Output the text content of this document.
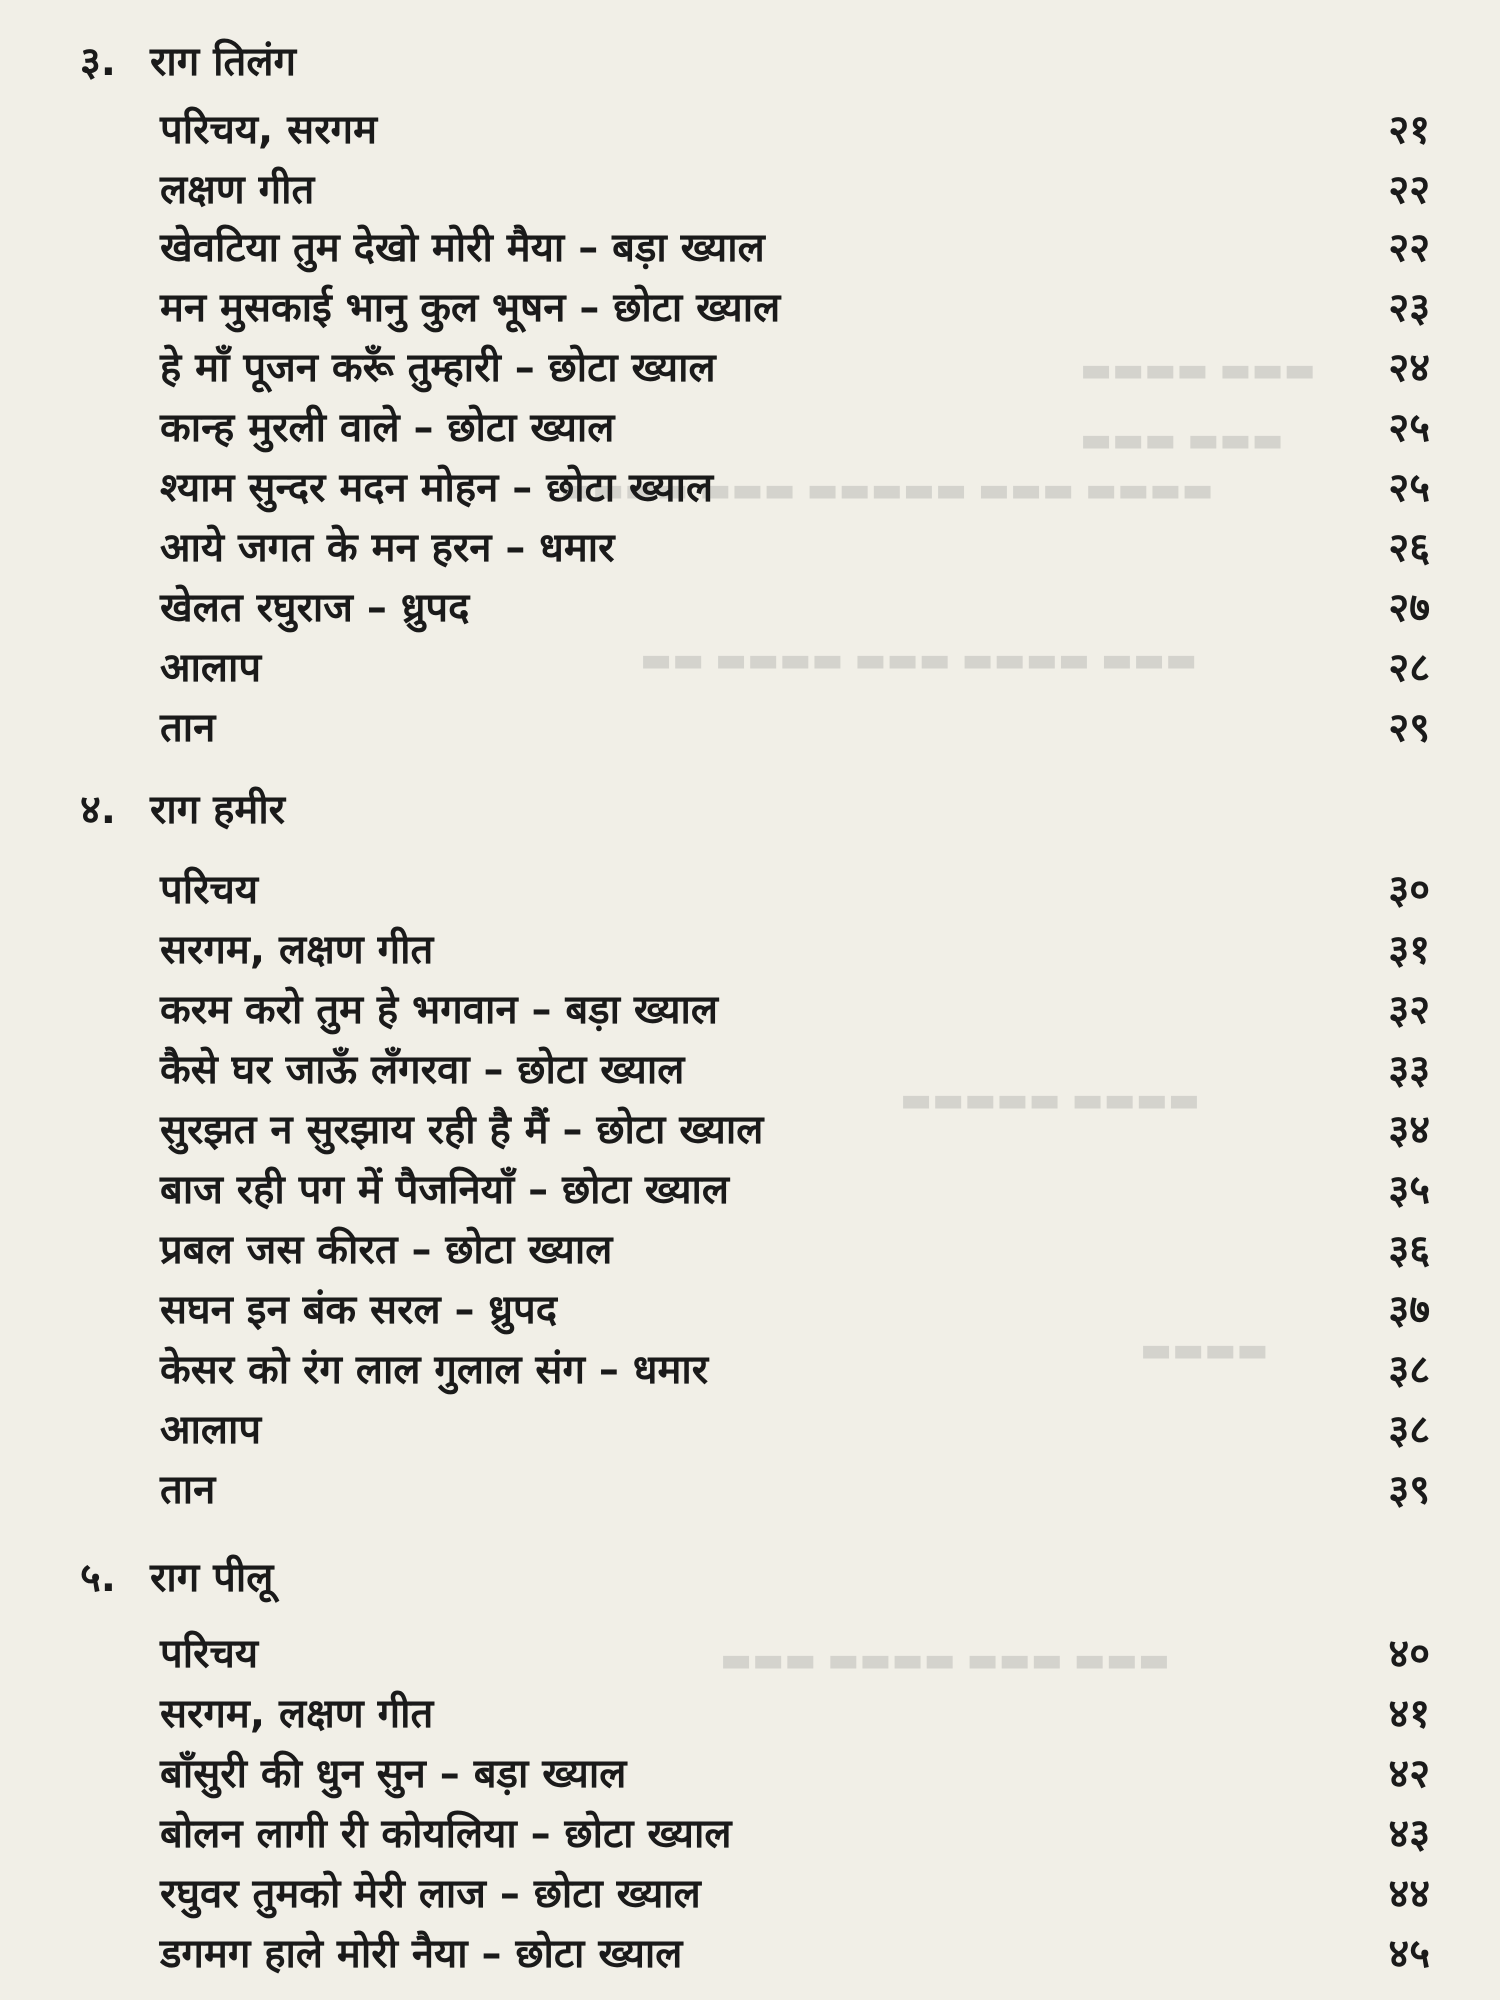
▬▬▬ ▬▬▬▬
▬▬▬ ▬▬▬
▬▬▬▬ ▬▬▬ ▬▬▬▬▬ ▬▬▬ ▬▬▬▬
▬▬▬ ▬▬▬▬ ▬▬▬ ▬▬▬▬ ▬▬
▬▬▬▬ ▬▬▬▬▬
▬▬▬▬
▬▬▬ ▬▬▬ ▬▬▬▬ ▬▬▬
३. राग तिलंग
परिचय, सरगम	२१
लक्षण गीत	२२
खेवटिया तुम देखो मोरी मैया – बड़ा ख्याल	२२
मन मुसकाई भानु कुल भूषन – छोटा ख्याल	२३
हे माँ पूजन करूँ तुम्हारी – छोटा ख्याल	२४
कान्ह मुरली वाले – छोटा ख्याल	२५
श्याम सुन्दर मदन मोहन – छोटा ख्याल	२५
आये जगत के मन हरन – धमार	२६
खेलत रघुराज – ध्रुपद	२७
आलाप	२८
तान	२९
४. राग हमीर
परिचय	३०
सरगम, लक्षण गीत	३१
करम करो तुम हे भगवान – बड़ा ख्याल	३२
कैसे घर जाऊँ लँगरवा – छोटा ख्याल	३३
सुरझत न सुरझाय रही है मैं – छोटा ख्याल	३४
बाज रही पग में पैजनियाँ – छोटा ख्याल	३५
प्रबल जस कीरत – छोटा ख्याल	३६
सघन इन बंक सरल – ध्रुपद	३७
केसर को रंग लाल गुलाल संग – धमार	३८
आलाप	३८
तान	३९
५. राग पीलू
परिचय	४०
सरगम, लक्षण गीत	४१
बाँसुरी की धुन सुन – बड़ा ख्याल	४२
बोलन लागी री कोयलिया – छोटा ख्याल	४३
रघुवर तुमको मेरी लाज – छोटा ख्याल	४४
डगमग हाले मोरी नैया – छोटा ख्याल	४५
